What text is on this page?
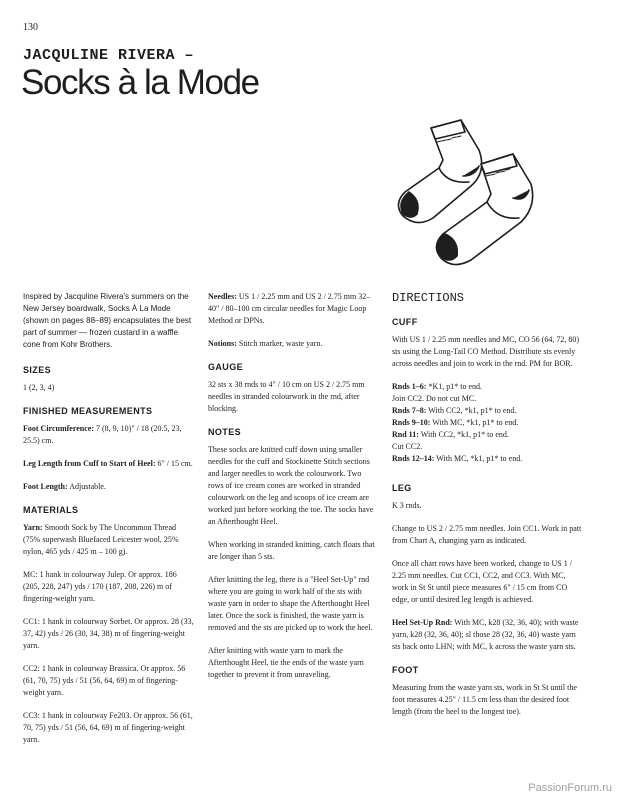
130
JACQULINE RIVERA –
Socks à la Mode

Inspired by Jacquline Rivera's summers on the New Jersey boardwalk, Socks À La Mode (shown on pages 88–89) encapsulates the best part of summer — frozen custard in a waffle cone from Kohr Brothers.

SIZES

1 (2, 3, 4)

FINISHED MEASUREMENTS

Foot Circumference: 7 (8, 9, 10)" / 18 (20.5, 23, 25.5) cm.

Leg Length from Cuff to Start of Heel: 6" / 15 cm.

Foot Length: Adjustable.

MATERIALS

Yarn: Smooth Sock by The Uncommon Thread (75% superwash Bluefaced Leicester wool, 25% nylon, 465 yds / 425 m – 100 g).

MC: 1 hank in colourway Julep. Or approx. 186 (205, 228, 247) yds / 170 (187, 208, 226) m of fingering-weight yarn.

CC1: 1 hank in colourway Sorbet. Or approx. 28 (33, 37, 42) yds / 26 (30, 34, 38) m of fingering-weight yarn.

CC2: 1 hank in colourway Brassica. Or approx. 56 (61, 70, 75) yds / 51 (56, 64, 69) m of fingering-weight yarn.

CC3: 1 hank in colourway Fe203. Or approx. 56 (61, 70, 75) yds / 51 (56, 64, 69) m of fingering-weight yarn.

Needles: US 1 / 2.25 mm and US 2 / 2.75 mm 32–40" / 80–100 cm circular needles for Magic Loop Method or DPNs.

Notions: Stitch marker, waste yarn.

GAUGE

32 sts x 38 rnds to 4" / 10 cm on US 2 / 2.75 mm needles in stranded colourwork in the rnd, after blocking.

NOTES

These socks are knitted cuff down using smaller needles for the cuff and Stockinette Stitch sections and larger needles to work the colourwork. Two rows of ice cream cones are worked in stranded colourwork on the leg and scoops of ice cream are worked just before working the toe. The socks have an Afterthought Heel.

When working in stranded knitting, catch floats that are longer than 5 sts.

After knitting the leg, there is a "Heel Set-Up" rnd where you are going to work half of the sts with waste yarn in order to shape the Afterthought Heel later. Once the sock is finished, the waste yarn is removed and the sts are picked up to work the heel.

After knitting with waste yarn to mark the Afterthought Heel, tie the ends of the waste yarn together to prevent it from unraveling.

DIRECTIONS
CUFF

With US 1 / 2.25 mm needles and MC, CO 56 (64, 72, 80) sts using the Long-Tail CO Method. Distribute sts evenly across needles and join to work in the rnd. PM for BOR.

Rnds 1–6: *K1, p1* to end.
Join CC2. Do not cut MC.
Rnds 7–8: With CC2, *k1, p1* to end.
Rnds 9–10: With MC, *k1, p1* to end.
Rnd 11: With CC2, *k1, p1* to end.
Cut CC2.
Rnds 12–14: With MC, *k1, p1* to end.
LEG

K 3 rnds.

Change to US 2 / 2.75 mm needles. Join CC1. Work in patt from Chart A, changing yarn as indicated.

Once all chart rows have been worked, change to US 1 / 2.25 mm needles. Cut CC1, CC2, and CC3. With MC, work in St St until piece measures 6" / 15 cm from CO edge, or until desired leg length is achieved.

Heel Set-Up Rnd: With MC, k28 (32, 36, 40); with waste yarn, k28 (32, 36, 40); sl those 28 (32, 36, 40) waste yarn sts back onto LHN; with MC, k across the waste yarn sts.

FOOT

Measuring from the waste yarn sts, work in St St until the foot measures 4.25" / 11.5 cm less than the desired foot length (from the heel to the longest toe).

PassionForum.ru
